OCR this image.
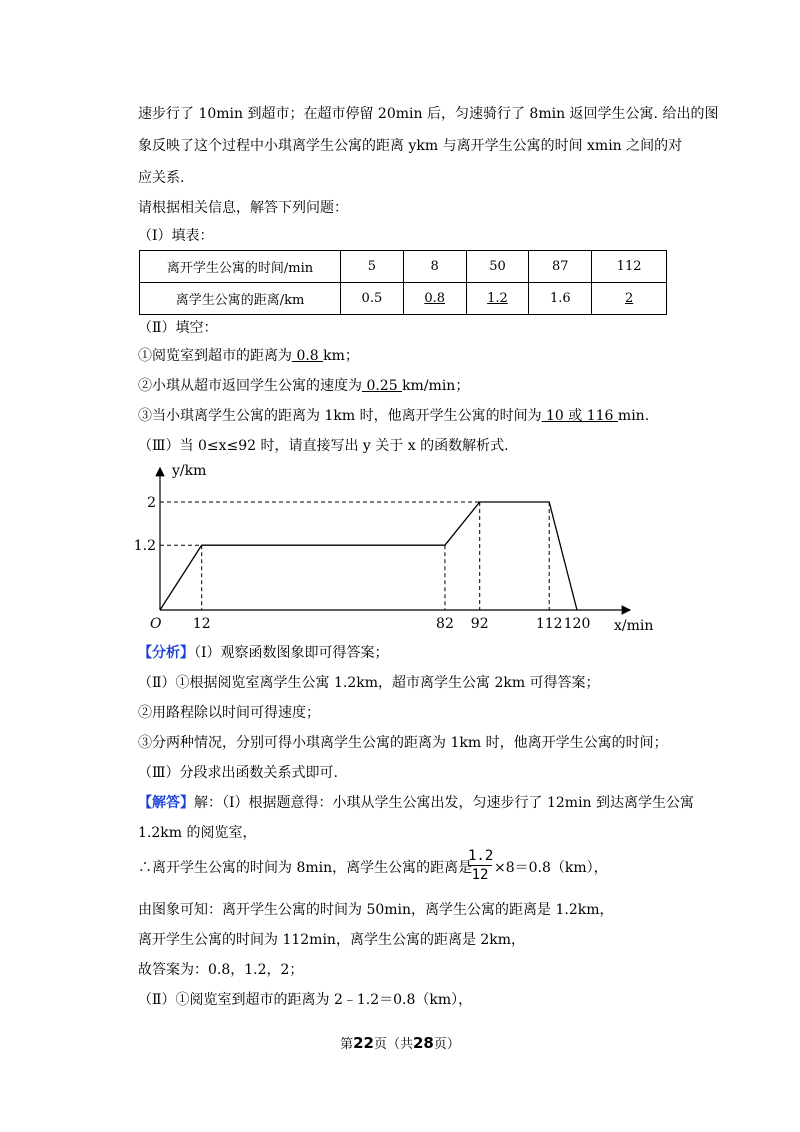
速步行了 10min 到超市；在超市停留 20min 后，匀速骑行了 8min 返回学生公寓. 给出的图
象反映了这个过程中小琪离学生公寓的距离 ykm 与离开学生公寓的时间 xmin 之间的对
应关系.
请根据相关信息，解答下列问题：
（Ⅰ）填表：
离开学生公寓的时间/min	5	8	50	87	112
离学生公寓的距离/km	0.5	0.8	1.2	1.6	2
（Ⅱ）填空：
①阅览室到超市的距离为 0.8 km；
②小琪从超市返回学生公寓的速度为 0.25 km/min；
③当小琪离学生公寓的距离为 1km 时，他离开学生公寓的时间为 10 或 116 min.
（Ⅲ）当 0≤x≤92 时，请直接写出 y 关于 x 的函数解析式.
12	82 92	112 120
1.2
2
y/km
x/min
O
【分析】（Ⅰ）观察函数图象即可得答案；
（Ⅱ）①根据阅览室离学生公寓 1.2km，超市离学生公寓 2km 可得答案；
②用路程除以时间可得速度；
③分两种情况，分别可得小琪离学生公寓的距离为 1km 时，他离开学生公寓的时间；
（Ⅲ）分段求出函数关系式即可.
【解答】解：（Ⅰ）根据题意得：小琪从学生公寓出发，匀速步行了 12min 到达离学生公寓
1.2km 的阅览室，
∴离开学生公寓的时间为 8min，离学生公寓的距离是
1.2
12 ×8＝0.8（km），
由图象可知：离开学生公寓的时间为 50min，离学生公寓的距离是 1.2km，
离开学生公寓的时间为 112min，离学生公寓的距离是 2km，
故答案为：0.8，1.2，2；
（Ⅱ）①阅览室到超市的距离为 2﹣1.2＝0.8（km），
第22页（共28页）
